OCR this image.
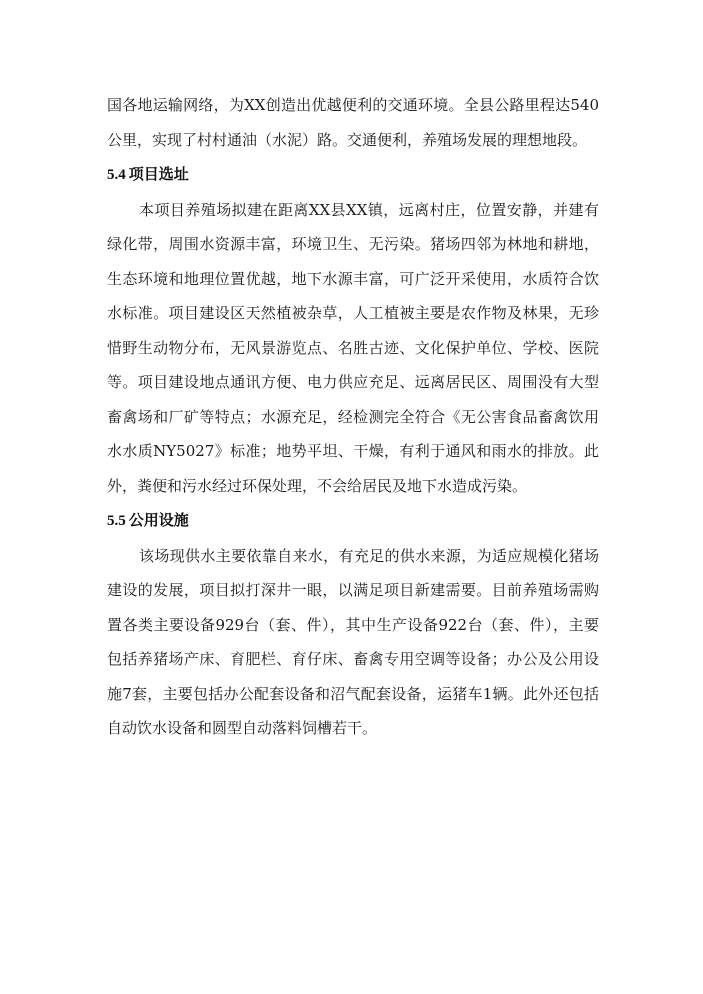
国各地运输网络，为XX创造出优越便利的交通环境。全县公路里程达540公里，实现了村村通油（水泥）路。交通便利，养殖场发展的理想地段。

5.4 项目选址

本项目养殖场拟建在距离XX县XX镇，远离村庄，位置安静，并建有绿化带，周围水资源丰富，环境卫生、无污染。猪场四邻为林地和耕地，生态环境和地理位置优越，地下水源丰富，可广泛开采使用，水质符合饮水标准。项目建设区天然植被杂草，人工植被主要是农作物及林果，无珍惜野生动物分布，无风景游览点、名胜古迹、文化保护单位、学校、医院等。项目建设地点通讯方便、电力供应充足、远离居民区、周围没有大型畜禽场和厂矿等特点；水源充足，经检测完全符合《无公害食品畜禽饮用水水质NY5027》标准；地势平坦、干燥，有利于通风和雨水的排放。此外，粪便和污水经过环保处理，不会给居民及地下水造成污染。

5.5 公用设施

该场现供水主要依靠自来水，有充足的供水来源，为适应规模化猪场建设的发展，项目拟打深井一眼，以满足项目新建需要。目前养殖场需购置各类主要设备929台（套、件），其中生产设备922台（套、件），主要包括养猪场产床、育肥栏、育仔床、畜禽专用空调等设备；办公及公用设施7套，主要包括办公配套设备和沼气配套设备，运猪车1辆。此外还包括自动饮水设备和圆型自动落料饲槽若干。
